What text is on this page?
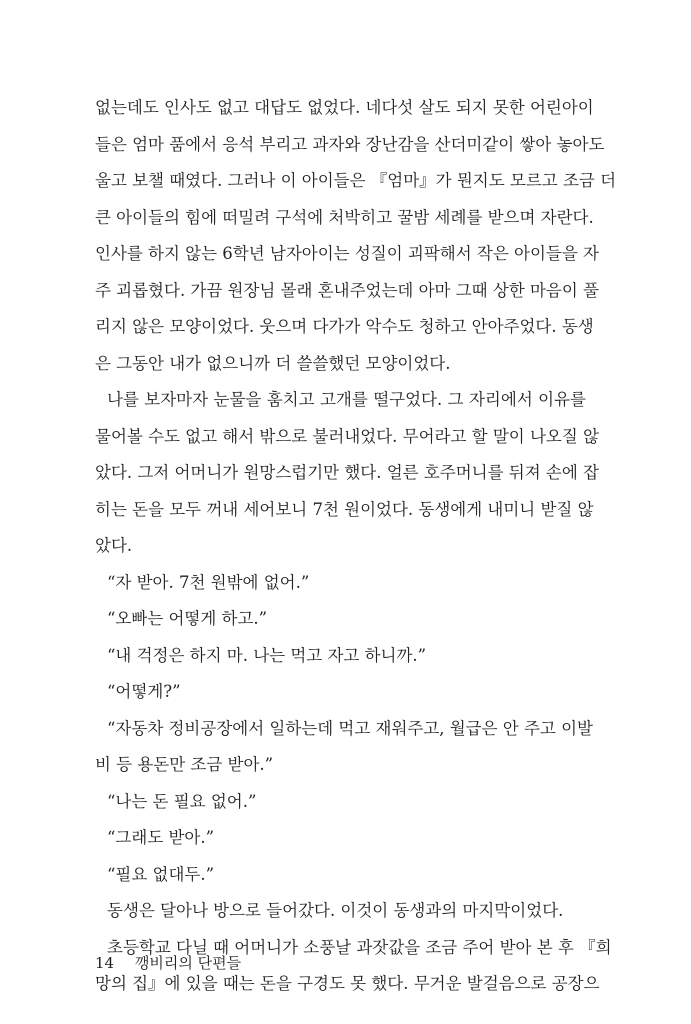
없는데도 인사도 없고 대답도 없었다. 네다섯 살도 되지 못한 어린아이
들은 엄마 품에서 응석 부리고 과자와 장난감을 산더미같이 쌓아 놓아도
울고 보챌 때였다. 그러나 이 아이들은 『엄마』가 뭔지도 모르고 조금 더
큰 아이들의 힘에 떠밀려 구석에 처박히고 꿀밤 세례를 받으며 자란다.
인사를 하지 않는 6학년 남자아이는 성질이 괴팍해서 작은 아이들을 자
주 괴롭혔다. 가끔 원장님 몰래 혼내주었는데 아마 그때 상한 마음이 풀
리지 않은 모양이었다. 웃으며 다가가 악수도 청하고 안아주었다. 동생
은 그동안 내가 없으니까 더 쓸쓸했던 모양이었다.
나를 보자마자 눈물을 훔치고 고개를 떨구었다. 그 자리에서 이유를
물어볼 수도 없고 해서 밖으로 불러내었다. 무어라고 할 말이 나오질 않
았다. 그저 어머니가 원망스럽기만 했다. 얼른 호주머니를 뒤져 손에 잡
히는 돈을 모두 꺼내 세어보니 7천 원이었다. 동생에게 내미니 받질 않
았다.
“자 받아. 7천 원밖에 없어.”
“오빠는 어떻게 하고.”
“내 걱정은 하지 마. 나는 먹고 자고 하니까.”
“어떻게?”
“자동차 정비공장에서 일하는데 먹고 재워주고, 월급은 안 주고 이발
비 등 용돈만 조금 받아.”
“나는 돈 필요 없어.”
“그래도 받아.”
“필요 없대두.”
동생은 달아나 방으로 들어갔다. 이것이 동생과의 마지막이었다.
초등학교 다닐 때 어머니가 소풍날 과잣값을 조금 주어 받아 본 후 『희
망의 집』에 있을 때는 돈을 구경도 못 했다. 무거운 발걸음으로 공장으
14 깽비리의 단편들
